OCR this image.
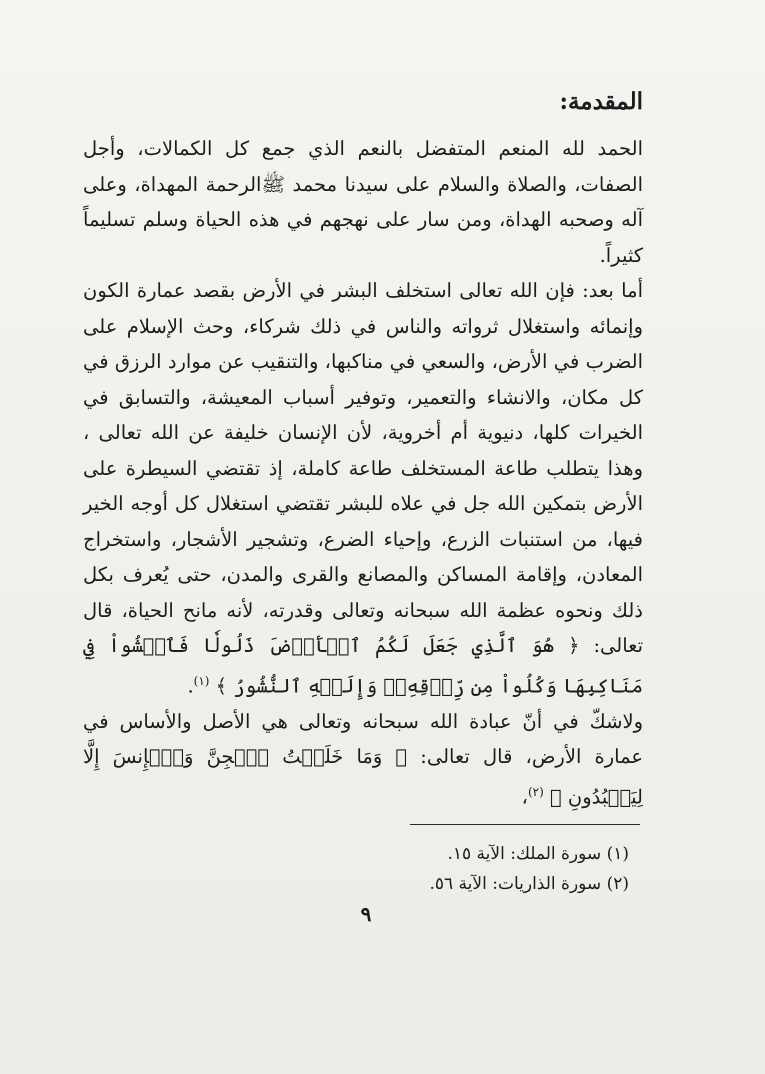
المقدمة:

الحمد لله المنعم المتفضل بالنعم الذي جمع كل الكمالات، وأجل الصفات، والصلاة والسلام على سيدنا محمد ﷺالرحمة المهداة، وعلى آله وصحبه الهداة، ومن سار على نهجهم في هذه الحياة وسلم تسليماً كثيراً.

أما بعد: فإن الله تعالى استخلف البشر في الأرض بقصد عمارة الكون وإنمائه واستغلال ثرواته والناس في ذلك شركاء، وحث الإسلام على الضرب في الأرض، والسعي في مناكبها، والتنقيب عن موارد الرزق في كل مكان، والانشاء والتعمير، وتوفير أسباب المعيشة، والتسابق في الخيرات كلها، دنيوية أم أخروية، لأن الإنسان خليفة عن الله تعالى ، وهذا يتطلب طاعة المستخلف طاعة كاملة، إذ تقتضي السيطرة على الأرض بتمكين الله جل في علاه للبشر تقتضي استغلال كل أوجه الخير فيها، من استنبات الزرع، وإحياء الضرع، وتشجير الأشجار، واستخراج المعادن، وإقامة المساكن والمصانع والقرى والمدن، حتى يُعرف بكل ذلك ونحوه عظمة الله سبحانه وتعالى وقدرته، لأنه مانح الحياة، قال تعالى: ﴿ هُوَ ٱلَّذِي جَعَلَ لَكُمُ ٱلۡأَرۡضَ ذَلُولٗا فَٱمۡشُواْ فِي مَنَاكِبِهَا وَكُلُواْ مِن رِّزۡقِهِۦۖ وَإِلَيۡهِ ٱلنُّشُورُ ﴾ $^{(١)}$.

ولاشكّ في أنّ عبادة الله سبحانه وتعالى هي الأصل والأساس في عمارة الأرض، قال تعالى: ﴿ وَمَا خَلَقۡتُ ٱلۡجِنَّ وَٱلۡإِنسَ إِلَّا لِيَعۡبُدُونِ ﴾ $^{(٢)}$،

(١) سورة الملك: الآية ١٥.
(٢) سورة الذاريات: الآية ٥٦.
٩
